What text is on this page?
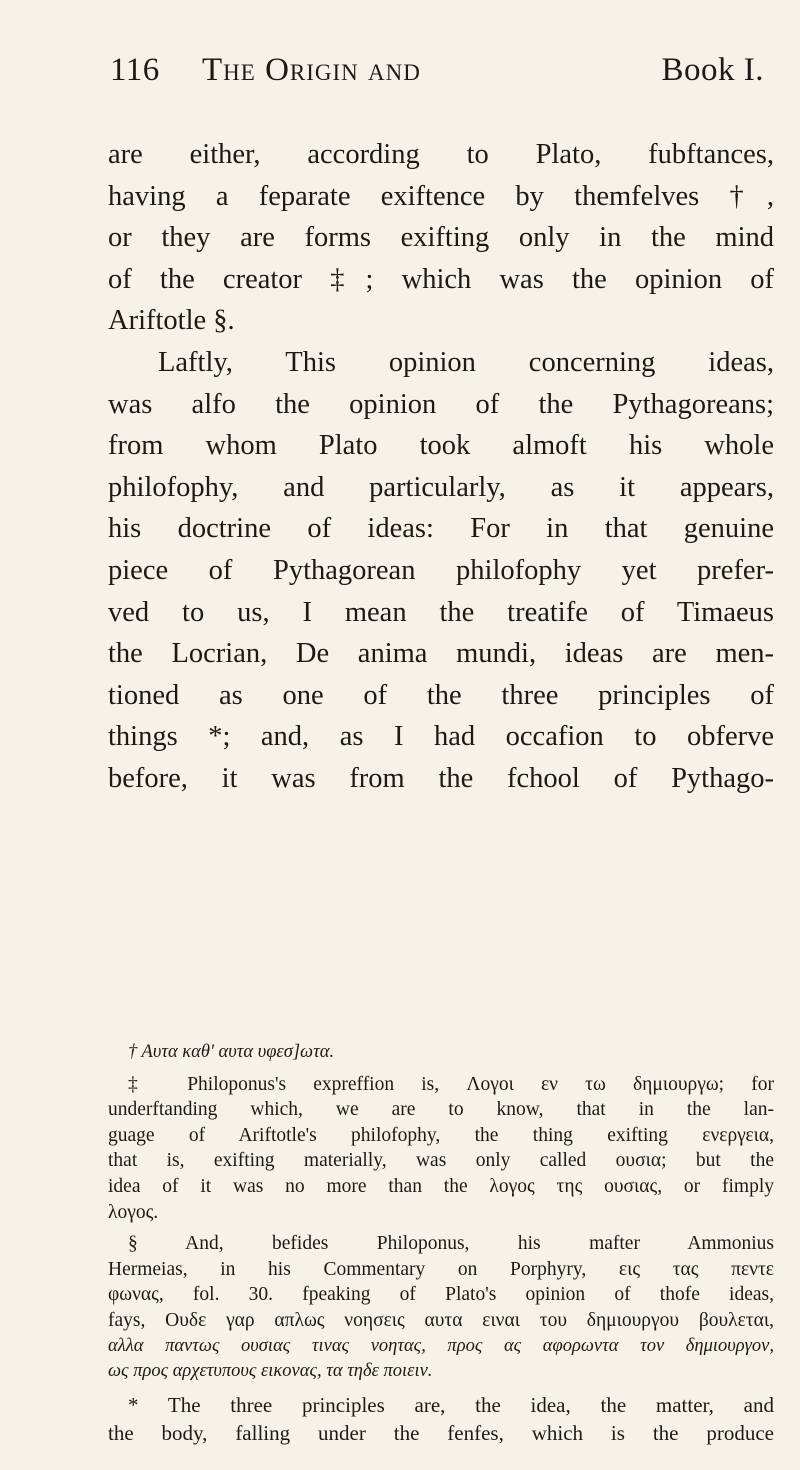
116 The Origin and	Book I.
are either, according to Plato, fubftances,
having a feparate exiftence by themfelves †,
or they are forms exifting only in the mind
of the creator ‡; which was the opinion of
Ariftotle §.
Laftly, This opinion concerning ideas,
was alfo the opinion of the Pythagoreans;
from whom Plato took almoft his whole
philofophy, and particularly, as it appears,
his doctrine of ideas: For in that genuine
piece of Pythagorean philofophy yet prefer-
ved to us, I mean the treatife of Timaeus
the Locrian, De anima mundi, ideas are men-
tioned as one of the three principles of
things *; and, as I had occafion to obferve
before, it was from the fchool of Pythago-
† Αυτα καθ' αυτα υφεσ]ωτα.
‡ Philoponus's expreffion is, Λογοι εν τω δημιουργω; for
underftanding which, we are to know, that in the lan-
guage of Ariftotle's philofophy, the thing exifting ενεργεια,
that is, exifting materially, was only called ουσια; but the
idea of it was no more than the λογος της ουσιας, or fimply
λογος.
§ And, befides Philoponus, his mafter Ammonius
Hermeias, in his Commentary on Porphyry, εις τας πεντε
φωνας, fol. 30. fpeaking of Plato's opinion of thofe ideas,
fays, Ουδε γαρ απλως νοησεις αυτα ειναι του δημιουργου βουλεται,
αλλα παντως ουσιας τινας νοητας, προς ας αφορωντα τον δημιουργον,
ως προς αρχετυπους εικονας, τα τηδε ποιειν.
* The three principles are, the idea, the matter, and
the body, falling under the fenfes, which is the produce
